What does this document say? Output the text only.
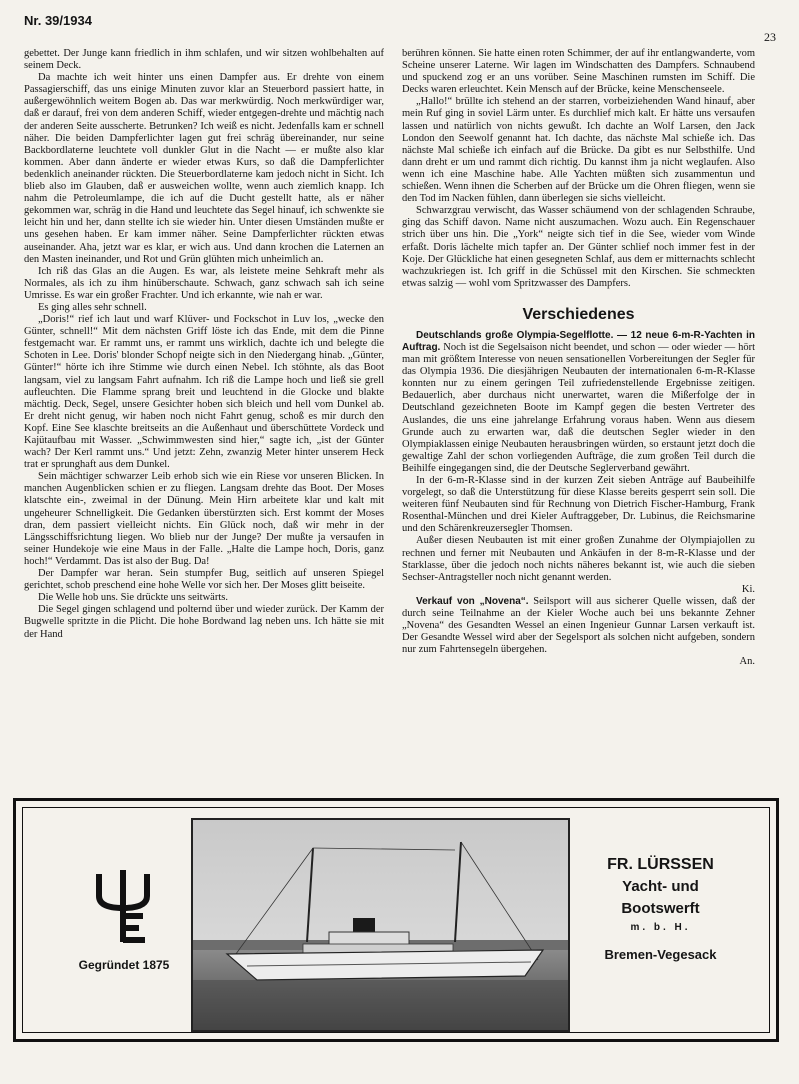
Nr. 39/1934
23

gebettet. Der Junge kann friedlich in ihm schlafen, und wir sitzen wohlbehalten auf seinem Deck.

Da machte ich weit hinter uns einen Dampfer aus. Er drehte von einem Passagierschiff, das uns einige Minuten zuvor klar an Steuerbord passiert hatte, in außergewöhnlich weitem Bogen ab. Das war merkwürdig. Noch merkwürdiger war, daß er darauf, frei von dem anderen Schiff, wieder entgegen-drehte und mächtig nach der anderen Seite ausscherte. Betrunken? Ich weiß es nicht. Jedenfalls kam er schnell näher. Die beiden Dampferlichter lagen gut frei schräg übereinander, nur seine Backbordlaterne leuchtete voll dunkler Glut in die Nacht — er mußte also klar kommen. Aber dann änderte er wieder etwas Kurs, so daß die Dampferlichter bedenklich aneinander rückten. Die Steuerbordlaterne kam jedoch nicht in Sicht. Ich blieb also im Glauben, daß er ausweichen wollte, wenn auch ziemlich knapp. Ich nahm die Petroleumlampe, die ich auf die Ducht gestellt hatte, als er näher gekommen war, schräg in die Hand und leuchtete das Segel hinauf, ich schwenkte sie leicht hin und her, dann stellte ich sie wieder hin. Unter diesen Umständen mußte er uns gesehen haben. Er kam immer näher. Seine Dampferlichter rückten etwas auseinander. Aha, jetzt war es klar, er wich aus. Und dann krochen die Laternen an den Masten ineinander, und Rot und Grün glühten mich unheimlich an.

Ich riß das Glas an die Augen. Es war, als leistete meine Sehkraft mehr als Normales, als ich zu ihm hinüberschaute. Schwach, ganz schwach sah ich seine Umrisse. Es war ein großer Frachter. Und ich erkannte, wie nah er war.

Es ging alles sehr schnell.

„Doris!“ rief ich laut und warf Klüver- und Fockschot in Luv los, „wecke den Günter, schnell!“ Mit dem nächsten Griff löste ich das Ende, mit dem die Pinne festgemacht war. Er rammt uns, er rammt uns wirklich, dachte ich und belegte die Schoten in Lee. Doris' blonder Schopf neigte sich in den Niedergang hinab. „Günter, Günter!“ hörte ich ihre Stimme wie durch einen Nebel. Ich stöhnte, als das Boot langsam, viel zu langsam Fahrt aufnahm. Ich riß die Lampe hoch und ließ sie grell aufleuchten. Die Flamme sprang breit und leuchtend in die Glocke und blakte mächtig. Deck, Segel, unsere Gesichter hoben sich bleich und hell vom Dunkel ab. Er dreht nicht genug, wir haben noch nicht Fahrt genug, schoß es mir durch den Kopf. Eine See klaschte breitseits an die Außenhaut und überschüttete Vordeck und Kajütaufbau mit Wasser. „Schwimmwesten sind hier,“ sagte ich, „ist der Günter wach? Der Kerl rammt uns.“ Und jetzt: Zehn, zwanzig Meter hinter unserem Heck trat er sprunghaft aus dem Dunkel.

Sein mächtiger schwarzer Leib erhob sich wie ein Riese vor unseren Blicken. In manchen Augenblicken schien er zu fliegen. Langsam drehte das Boot. Der Moses klatschte ein-, zweimal in der Dünung. Mein Hirn arbeitete klar und kalt mit ungeheurer Schnelligkeit. Die Gedanken überstürzten sich. Erst kommt der Moses dran, dem passiert vielleicht nichts. Ein Glück noch, daß wir mehr in der Längsschiffsrichtung liegen. Wo blieb nur der Junge? Der mußte ja versaufen in seiner Hundekoje wie eine Maus in der Falle. „Halte die Lampe hoch, Doris, ganz hoch!“ Verdammt. Das ist also der Bug. Da!

Der Dampfer war heran. Sein stumpfer Bug, seitlich auf unseren Spiegel gerichtet, schob preschend eine hohe Welle vor sich her. Der Moses glitt beiseite.

Die Welle hob uns. Sie drückte uns seitwärts.

Die Segel gingen schlagend und polternd über und wieder zurück. Der Kamm der Bugwelle spritzte in die Plicht. Die hohe Bordwand lag neben uns. Ich hätte sie mit der Hand

berühren können. Sie hatte einen roten Schimmer, der auf ihr entlangwanderte, vom Scheine unserer Laterne. Wir lagen im Windschatten des Dampfers. Schnaubend und spuckend zog er an uns vorüber. Seine Maschinen rumsten im Schiff. Die Decks waren erleuchtet. Kein Mensch auf der Brücke, keine Menschenseele.

„Hallo!“ brüllte ich stehend an der starren, vorbeiziehenden Wand hinauf, aber mein Ruf ging in soviel Lärm unter. Es durchlief mich kalt. Er hätte uns versaufen lassen und natürlich von nichts gewußt. Ich dachte an Wolf Larsen, den Jack London den Seewolf genannt hat. Ich dachte, das nächste Mal schieße ich. Das nächste Mal schieße ich einfach auf die Brücke. Da gibt es nur Selbsthilfe. Und dann dreht er um und rammt dich richtig. Du kannst ihm ja nicht weglaufen. Also wenn ich eine Maschine habe. Alle Yachten müßten sich zusammentun und schießen. Wenn ihnen die Scherben auf der Brücke um die Ohren fliegen, wenn sie den Tod im Nacken fühlen, dann überlegen sie sichs vielleicht.

Schwarzgrau verwischt, das Wasser schäumend von der schlagenden Schraube, ging das Schiff davon. Name nicht auszumachen. Wozu auch. Ein Regenschauer strich über uns hin. Die „York“ neigte sich tief in die See, wieder vom Winde erfaßt. Doris lächelte mich tapfer an. Der Günter schlief noch immer fest in der Koje. Der Glückliche hat einen gesegneten Schlaf, aus dem er mitternachts schlecht wachzukriegen ist. Ich griff in die Schüssel mit den Kirschen. Sie schmeckten etwas salzig — wohl vom Spritzwasser des Dampfers.

Verschiedenes

Deutschlands große Olympia-Segelflotte. — 12 neue 6-m-R-Yachten in Auftrag. Noch ist die Segelsaison nicht beendet, und schon — oder wieder — hört man mit größtem Interesse von neuen sensationellen Vorbereitungen der Segler für das Olympia 1936. Die diesjährigen Neubauten der internationalen 6-m-R-Klasse konnten nur zu einem geringen Teil zufriedenstellende Ergebnisse zeitigen. Bedauerlich, aber durchaus nicht unerwartet, waren die Mißerfolge der in Deutschland gezeichneten Boote im Kampf gegen die besten Vertreter des Auslandes, die uns eine jahrelange Erfahrung voraus haben. Wenn aus diesem Grunde auch zu erwarten war, daß die deutschen Segler wieder in den Olympiaklassen einige Neubauten herausbringen würden, so erstaunt jetzt doch die gewaltige Zahl der schon vorliegenden Aufträge, die zum großen Teil durch die Beihilfe eingegangen sind, die der Deutsche Seglerverband gewährt.

In der 6-m-R-Klasse sind in der kurzen Zeit sieben Anträge auf Baubeihilfe vorgelegt, so daß die Unterstützung für diese Klasse bereits gesperrt sein soll. Die weiteren fünf Neubauten sind für Rechnung von Dietrich Fischer-Hamburg, Frank Rosenthal-München und drei Kieler Auftraggeber, Dr. Lubinus, die Reichsmarine und den Schärenkreuzersegler Thomsen.

Außer diesen Neubauten ist mit einer großen Zunahme der Olympiajollen zu rechnen und ferner mit Neubauten und Ankäufen in der 8-m-R-Klasse und der Starklasse, über die jedoch noch nichts näheres bekannt ist, wie auch die sieben Sechser-Antragsteller noch nicht genannt werden.

Ki.

Verkauf von „Novena“. Seilsport will aus sicherer Quelle wissen, daß der durch seine Teilnahme an der Kieler Woche auch bei uns bekannte Zehner „Novena“ des Gesandten Wessel an einen Ingenieur Gunnar Larsen verkauft ist. Der Gesandte Wessel wird aber der Segelsport als solchen nicht aufgeben, sondern nur zum Fahrtensegeln übergehen.

An.
Gegründet 1875
FR. LÜRSSEN
Yacht- und
Bootswerft
m. b. H.
Bremen-Vegesack
